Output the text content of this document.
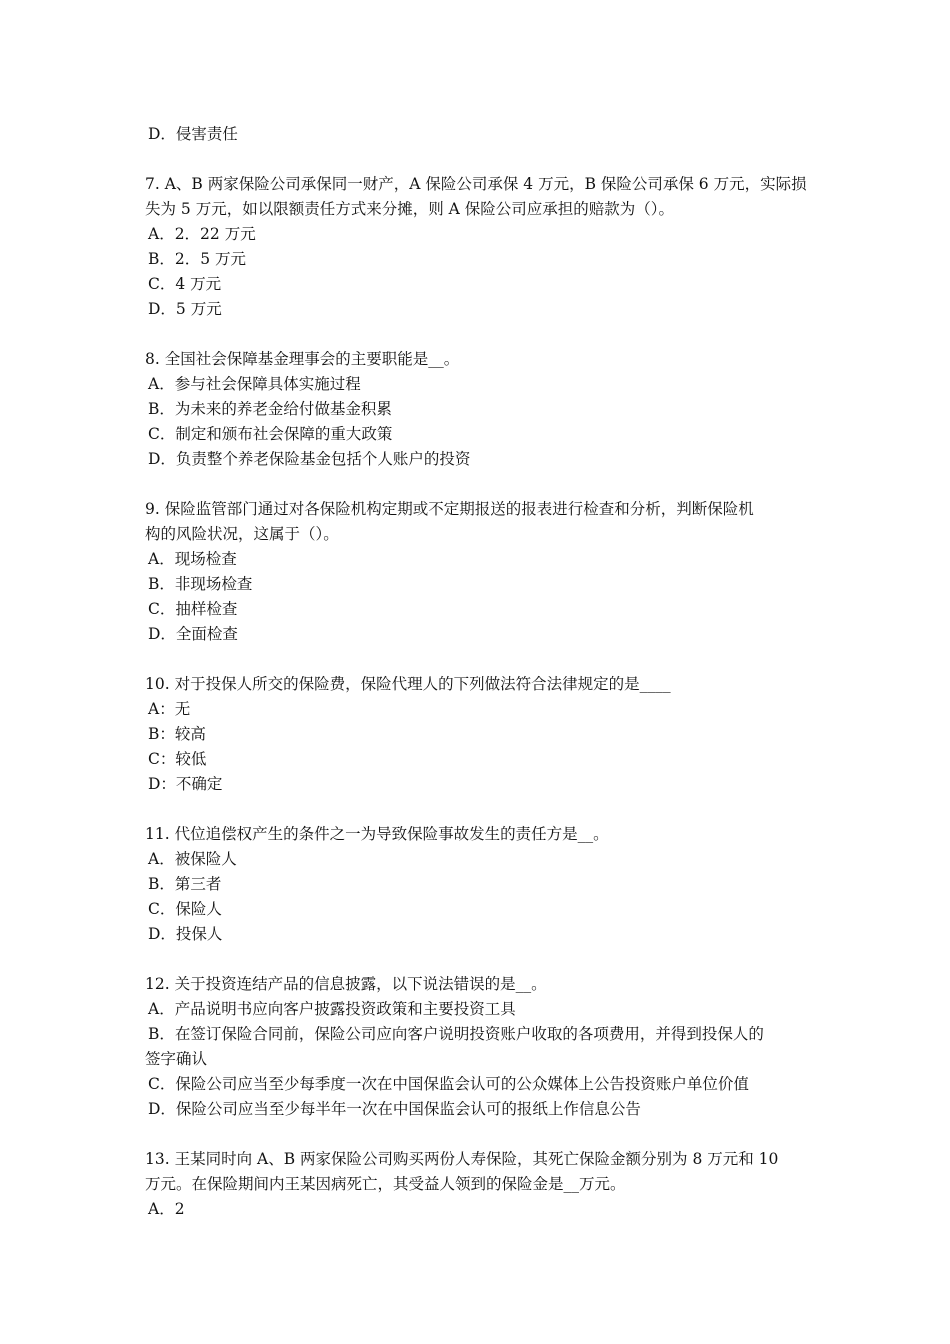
D．侵害责任
7. A、B 两家保险公司承保同一财产，A 保险公司承保 4 万元，B 保险公司承保 6 万元，实际损
失为 5 万元，如以限额责任方式来分摊，则 A 保险公司应承担的赔款为（）。
A．2．22 万元
B．2．5 万元
C．4 万元
D．5 万元
8. 全国社会保障基金理事会的主要职能是__。
A．参与社会保障具体实施过程
B．为未来的养老金给付做基金积累
C．制定和颁布社会保障的重大政策
D．负责整个养老保险基金包括个人账户的投资
9. 保险监管部门通过对各保险机构定期或不定期报送的报表进行检查和分析，判断保险机
构的风险状况，这属于（）。
A．现场检查
B．非现场检查
C．抽样检查
D．全面检查
10. 对于投保人所交的保险费，保险代理人的下列做法符合法律规定的是____
A：无
B：较高
C：较低
D：不确定
11. 代位追偿权产生的条件之一为导致保险事故发生的责任方是__。
A．被保险人
B．第三者
C．保险人
D．投保人
12. 关于投资连结产品的信息披露，以下说法错误的是__。
A．产品说明书应向客户披露投资政策和主要投资工具
B．在签订保险合同前，保险公司应向客户说明投资账户收取的各项费用，并得到投保人的
签字确认
C．保险公司应当至少每季度一次在中国保监会认可的公众媒体上公告投资账户单位价值
D．保险公司应当至少每半年一次在中国保监会认可的报纸上作信息公告
13. 王某同时向 A、B 两家保险公司购买两份人寿保险，其死亡保险金额分别为 8 万元和 10
万元。在保险期间内王某因病死亡，其受益人领到的保险金是__万元。
A．2
